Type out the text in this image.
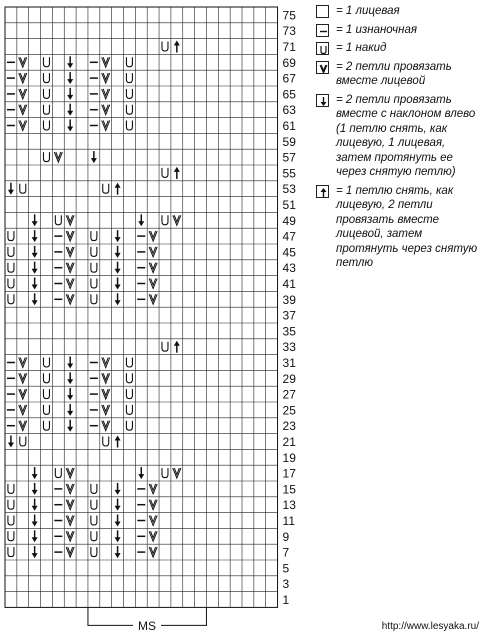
75
73
71
69
67
65
63
61
59
57
55
53
51
49
47
45
43
41
39
37
35
33
31
29
27
25
23
21
19
17
15
13
11
9
7
5
3
1
MS
= 1 лицевая
= 1 изнаночная
= 1 накид
= 2 петли провязать вместе лицевой
= 2 петли провязать вместе с наклоном влево (1 петлю снять, как лицевую, 1 лицевая, затем протянуть ее через снятую петлю)
= 1 петлю снять, как лицевую, 2 петли провязать вместе лицевой, затем протянуть через снятую петлю
http://www.lesyaka.ru/
